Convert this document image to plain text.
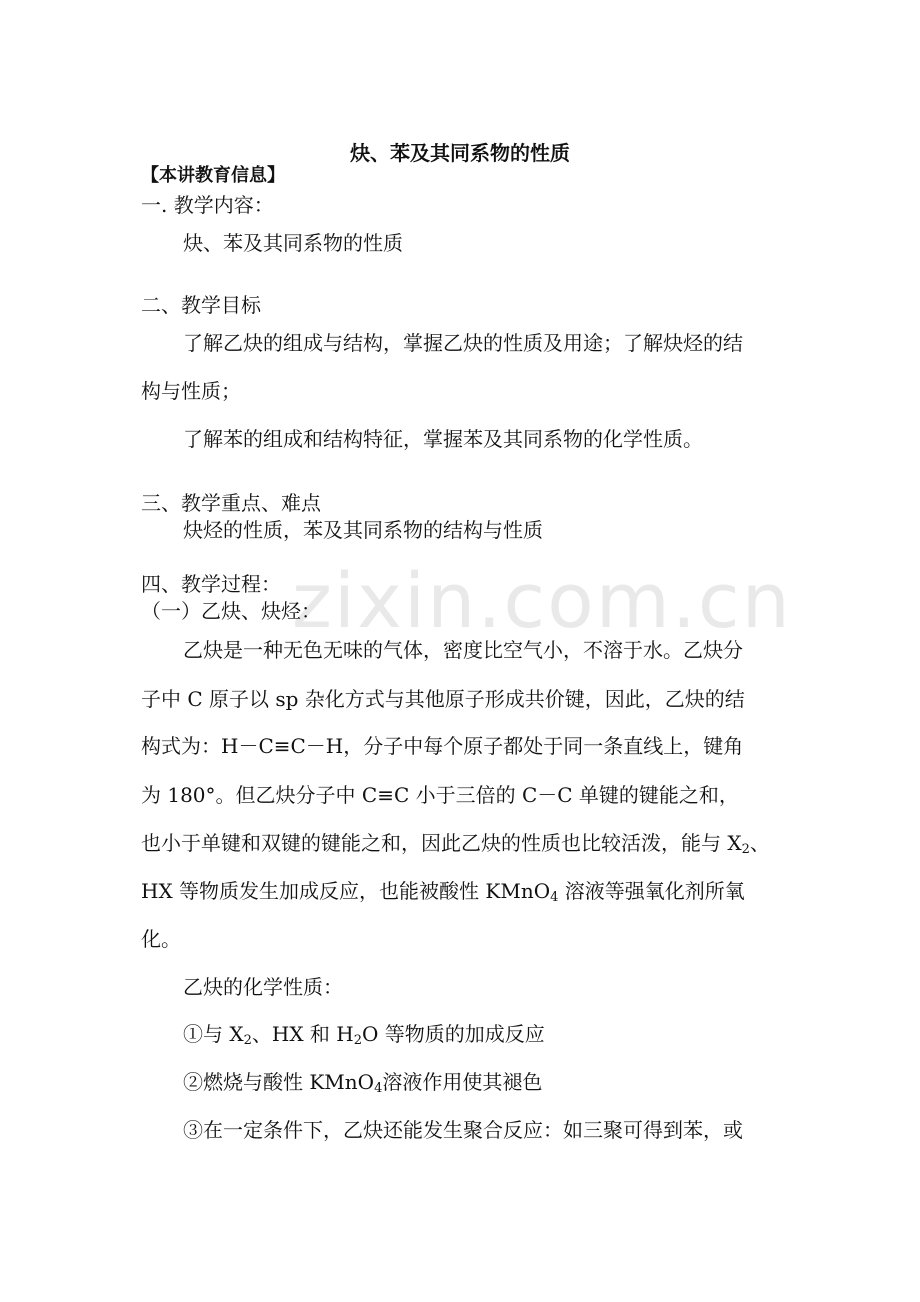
zixin.com.cn
炔、苯及其同系物的性质
【本讲教育信息】
一. 教学内容：
炔、苯及其同系物的性质
二、教学目标
了解乙炔的组成与结构，掌握乙炔的性质及用途；了解炔烃的结
构与性质；
了解苯的组成和结构特征，掌握苯及其同系物的化学性质。
三、教学重点、难点
炔烃的性质，苯及其同系物的结构与性质
四、教学过程：
（一）乙炔、炔烃：
乙炔是一种无色无味的气体，密度比空气小，不溶于水。乙炔分
子中 C 原子以 sp 杂化方式与其他原子形成共价键，因此，乙炔的结
构式为：H－C≡C－H，分子中每个原子都处于同一条直线上，键角
为 180°。但乙炔分子中 C≡C 小于三倍的 C－C 单键的键能之和，
也小于单键和双键的键能之和，因此乙炔的性质也比较活泼，能与 $X_2$、
HX 等物质发生加成反应，也能被酸性 KMnO$_4$ 溶液等强氧化剂所氧
化。
乙炔的化学性质：
①与 $X_2$、HX 和 $H_2O$ 等物质的加成反应
②燃烧与酸性 KMnO$_4$溶液作用使其褪色
③在一定条件下，乙炔还能发生聚合反应：如三聚可得到苯，或
